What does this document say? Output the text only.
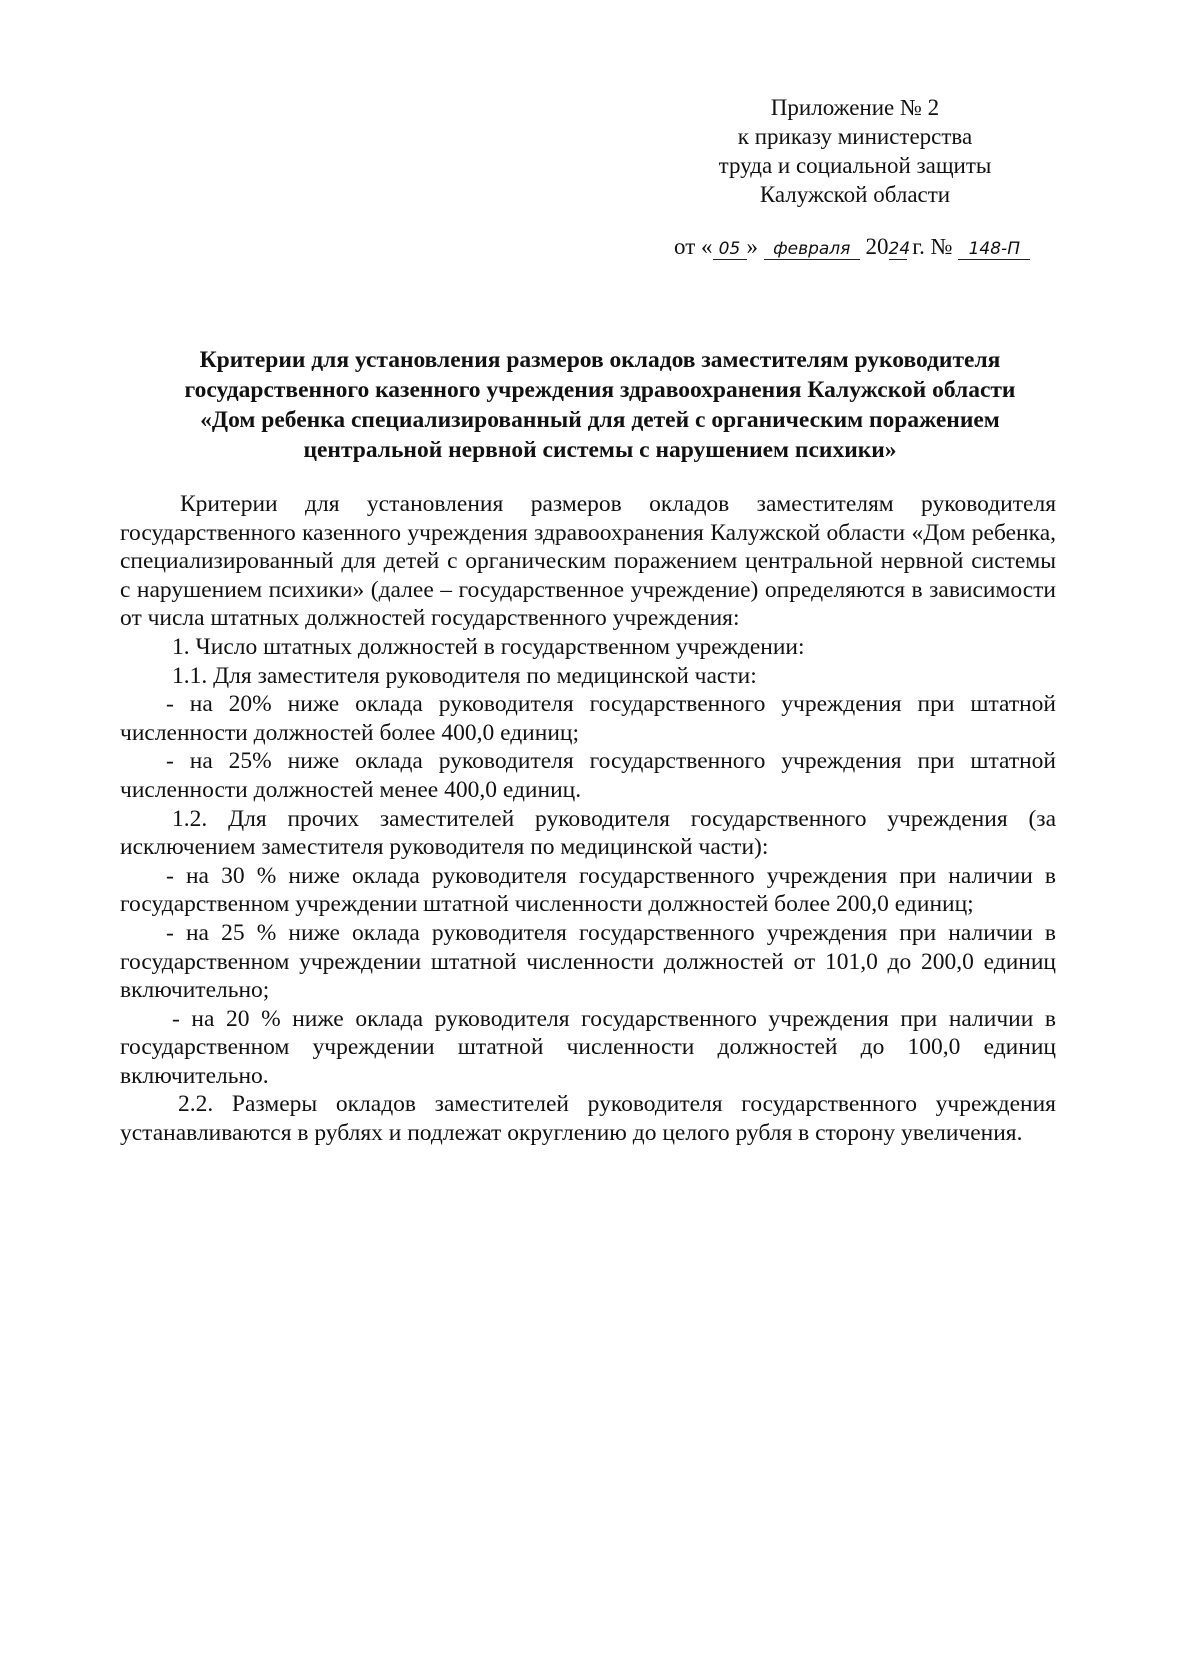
Приложение № 2
к приказу министерства
труда и социальной защиты
Калужской области
от « 05 » февраля 2024 г. № 148-П
Критерии для установления размеров окладов заместителям руководителя
государственного казенного учреждения здравоохранения Калужской области
«Дом ребенка специализированный для детей с органическим поражением
центральной нервной системы с нарушением психики»

Критерии для установления размеров окладов заместителям руководителя государственного казенного учреждения здравоохранения Калужской области «Дом ребенка, специализированный для детей с органическим поражением центральной нервной системы с нарушением психики» (далее – государственное учреждение) определяются в зависимости от числа штатных должностей государственного учреждения:

1. Число штатных должностей в государственном учреждении:

1.1. Для заместителя руководителя по медицинской части:

- на 20% ниже оклада руководителя государственного учреждения при штатной численности должностей более 400,0 единиц;

- на 25% ниже оклада руководителя государственного учреждения при штатной численности должностей менее 400,0 единиц.

1.2. Для прочих заместителей руководителя государственного учреждения (за исключением заместителя руководителя по медицинской части):

- на 30 % ниже оклада руководителя государственного учреждения при наличии в государственном учреждении штатной численности должностей более 200,0 единиц;

- на 25 % ниже оклада руководителя государственного учреждения при наличии в государственном учреждении штатной численности должностей от 101,0 до 200,0 единиц включительно;

- на 20 % ниже оклада руководителя государственного учреждения при наличии в государственном учреждении штатной численности должностей до 100,0 единиц включительно.

2.2. Размеры окладов заместителей руководителя государственного учреждения устанавливаются в рублях и подлежат округлению до целого рубля в сторону увеличения.
